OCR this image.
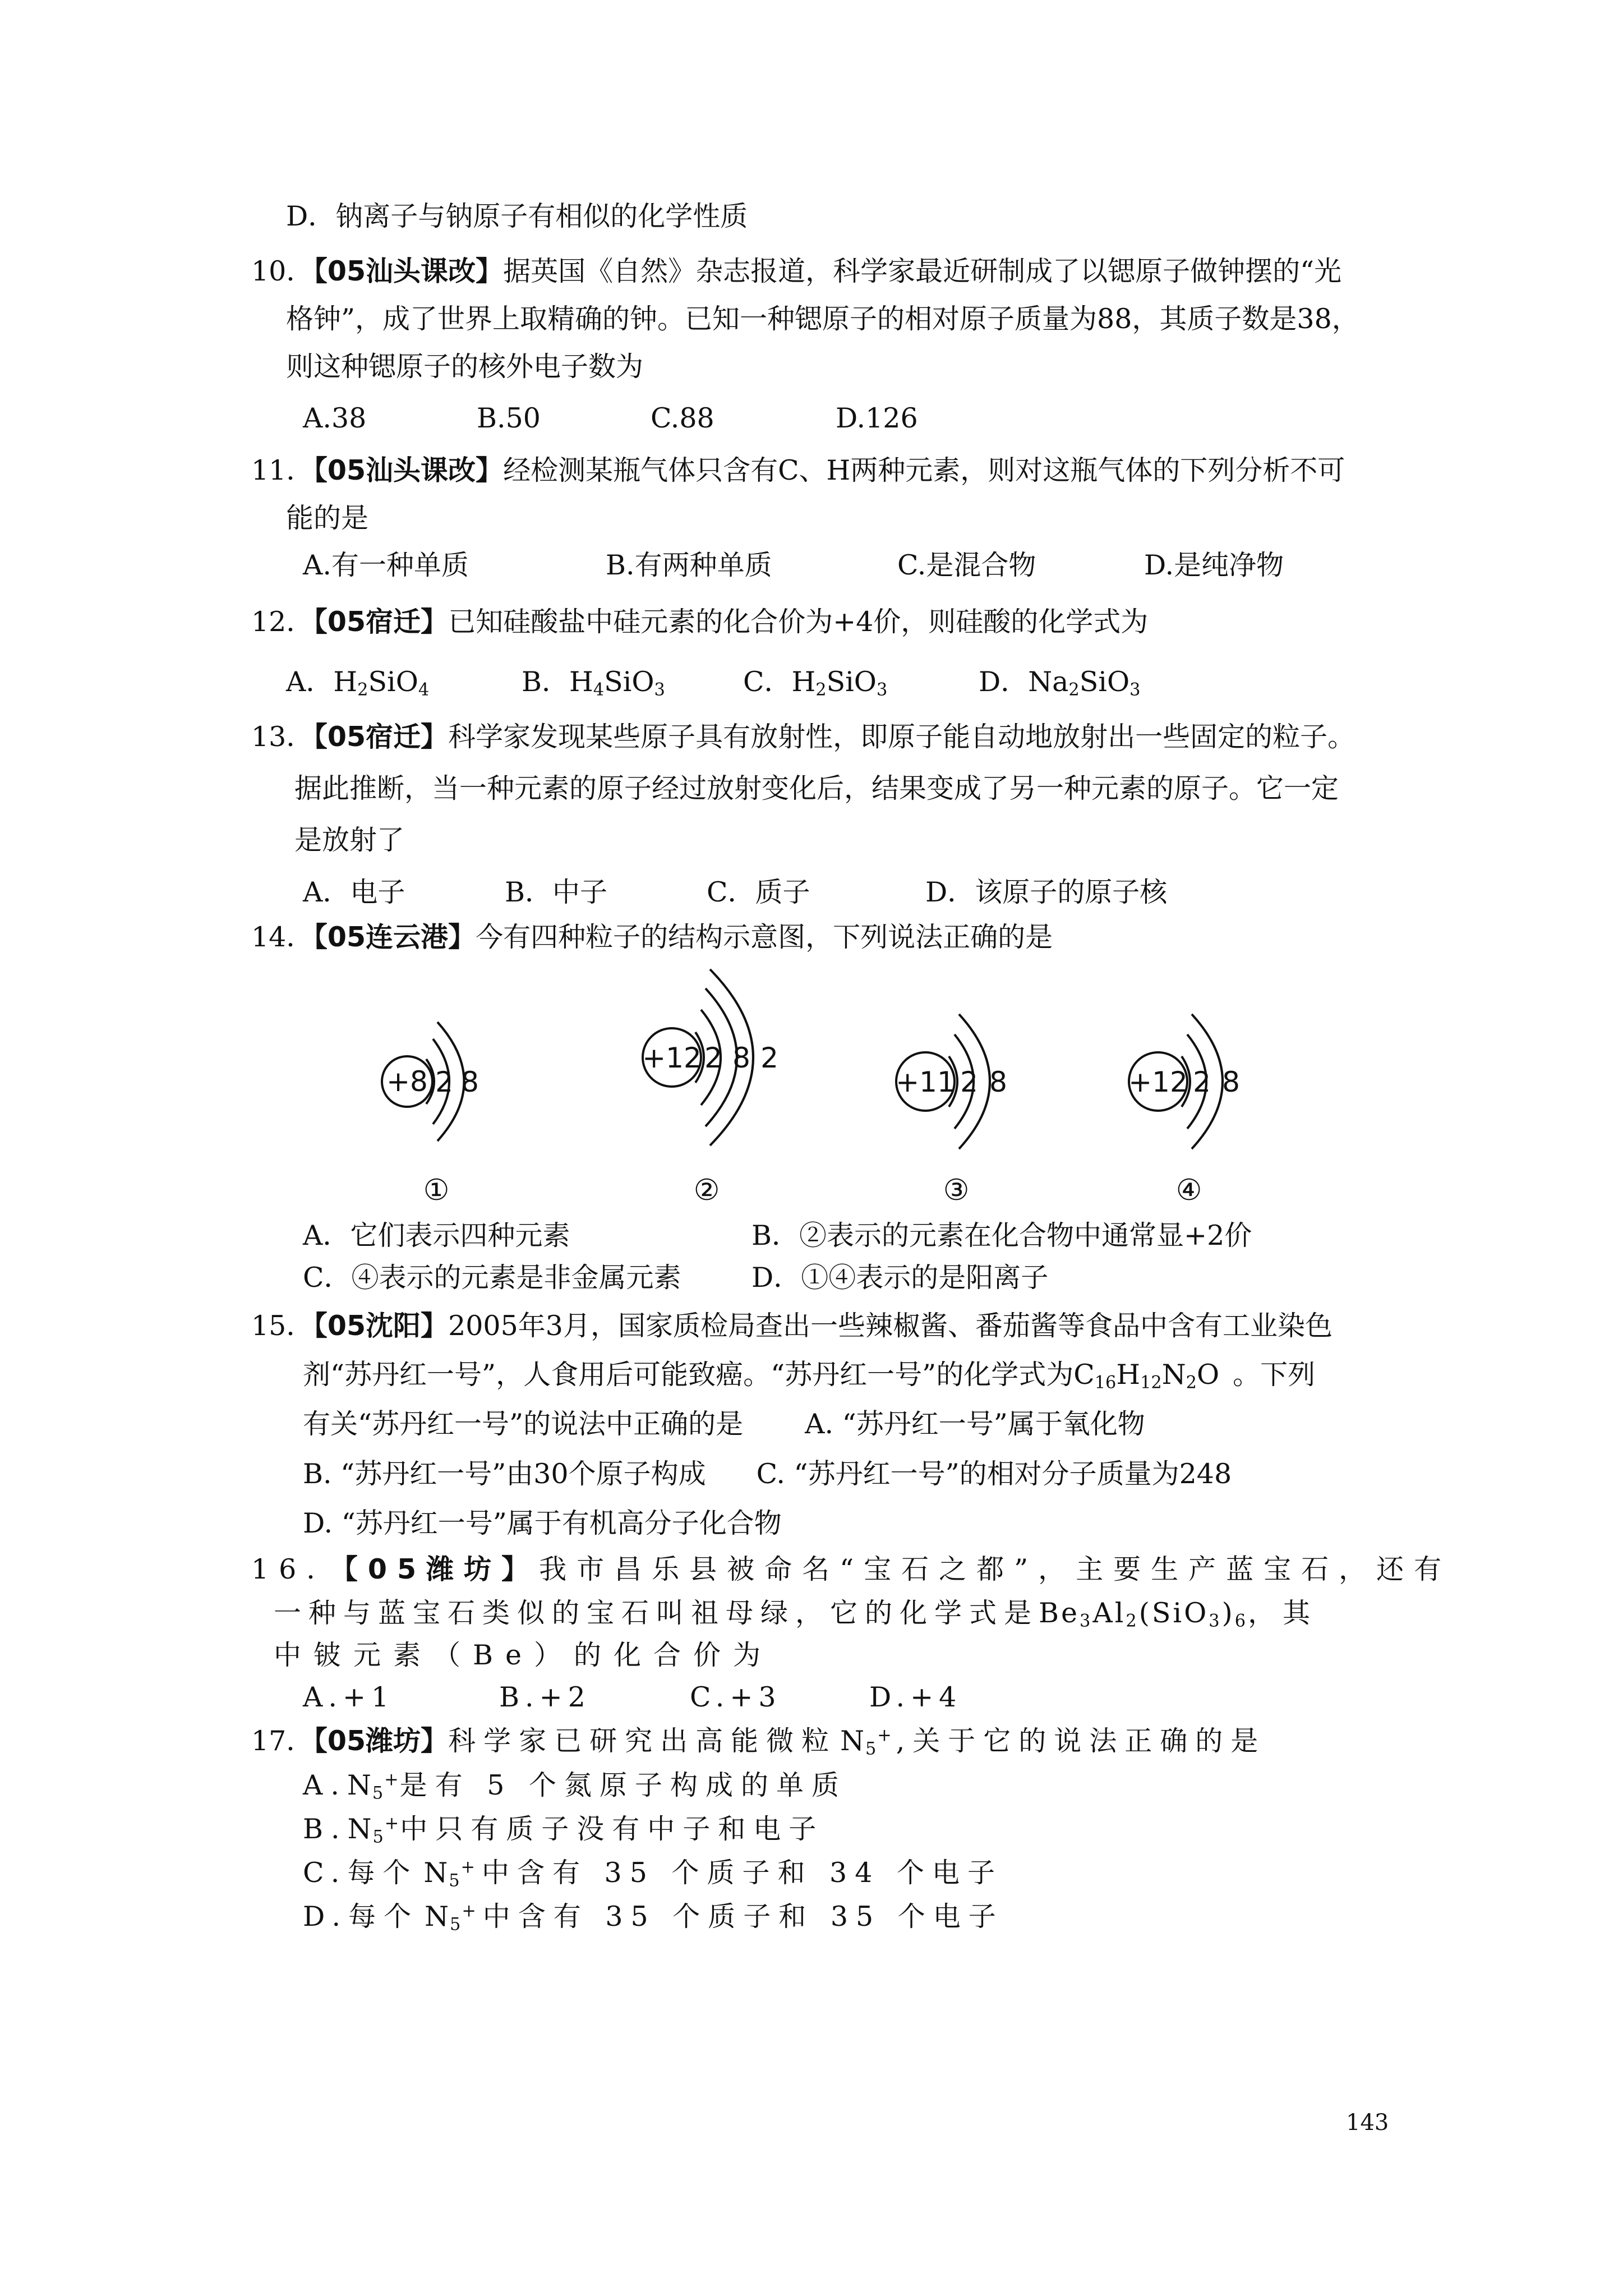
D．钠离子与钠原子有相似的化学性质
10．【05汕头课改】据英国《自然》杂志报道，科学家最近研制成了以锶原子做钟摆的“光
格钟”，成了世界上取精确的钟。已知一种锶原子的相对原子质量为88，其质子数是38，
则这种锶原子的核外电子数为
A.38	B.50	C.88	D.126
11．【05汕头课改】经检测某瓶气体只含有C、H两种元素，则对这瓶气体的下列分析不可
能的是
A.有一种单质	B.有两种单质	C.是混合物	D.是纯净物
12．【05宿迁】已知硅酸盐中硅元素的化合价为+4价，则硅酸的化学式为
A．$H_2SiO_4$	B．$H_4SiO_3$	C．$H_2SiO_3$	D．$Na_2SiO_3$
13．【05宿迁】科学家发现某些原子具有放射性，即原子能自动地放射出一些固定的粒子。
据此推断，当一种元素的原子经过放射变化后，结果变成了另一种元素的原子。它一定
是放射了
A．电子	B．中子	C．质子	D．该原子的原子核
14．【05连云港】今有四种粒子的结构示意图，下列说法正确的是
+8 2 8
+12 2 8 2
+11 2 8	+12 2 8
①	②	③	④
A．它们表示四种元素	B．②表示的元素在化合物中通常显+2价
C．④表示的元素是非金属元素	D．①④表示的是阳离子
15．【05沈阳】2005年3月，国家质检局查出一些辣椒酱、番茄酱等食品中含有工业染色
剂“苏丹红一号”，人食用后可能致癌。“苏丹红一号”的化学式为$C_{16}H_{12}N_2O$ 。下列
有关“苏丹红一号”的说法中正确的是 A. “苏丹红一号”属于氧化物
B. “苏丹红一号”由30个原子构成 C. “苏丹红一号”的相对分子质量为248
D. “苏丹红一号”属于有机高分子化合物
16．【05潍坊】我市昌乐县被命名“宝石之都”，主要生产蓝宝石，还有
一种与蓝宝石类似的宝石叫祖母绿，它的化学式是$Be_3Al_2(SiO_3)_6$，其
中铍元素（Be）的化合价为
A.+1	B.+2	C.+3	D.+4
17．【05潍坊】科学家已研究出高能微粒 $N_5^+$ ,关于它的说法正确的是
$A.N_5^+$是有 5 个氮原子构成的单质
$B.N_5^+$中只有质子没有中子和电子
C.每个 $N_5^+$ 中含有 35 个质子和 34 个电子
D.每个 $N_5^+$ 中含有 35 个质子和 35 个电子
143
